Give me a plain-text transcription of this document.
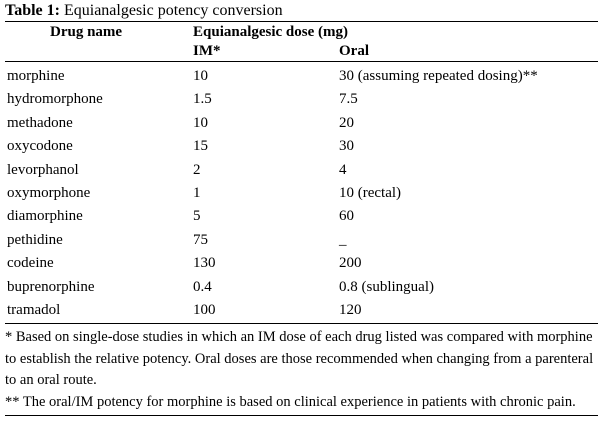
Table 1: Equianalgesic potency conversion
Drug name	Equianalgesic dose (mg)	
	IM*	Oral

morphine	10	30 (assuming repeated dosing)**
hydromorphone	1.5	7.5
methadone	10	20
oxycodone	15	30
levorphanol	2	4
oxymorphone	1	10 (rectal)
diamorphine	5	60
pethidine	75	_
codeine	130	200
buprenorphine	0.4	0.8 (sublingual)
tramadol	100	120

* Based on single-dose studies in which an IM dose of each drug listed was compared with morphine to establish the relative potency. Oral doses are those recommended when changing from a parenteral to an oral route.

** The oral/IM potency for morphine is based on clinical experience in patients with chronic pain.
